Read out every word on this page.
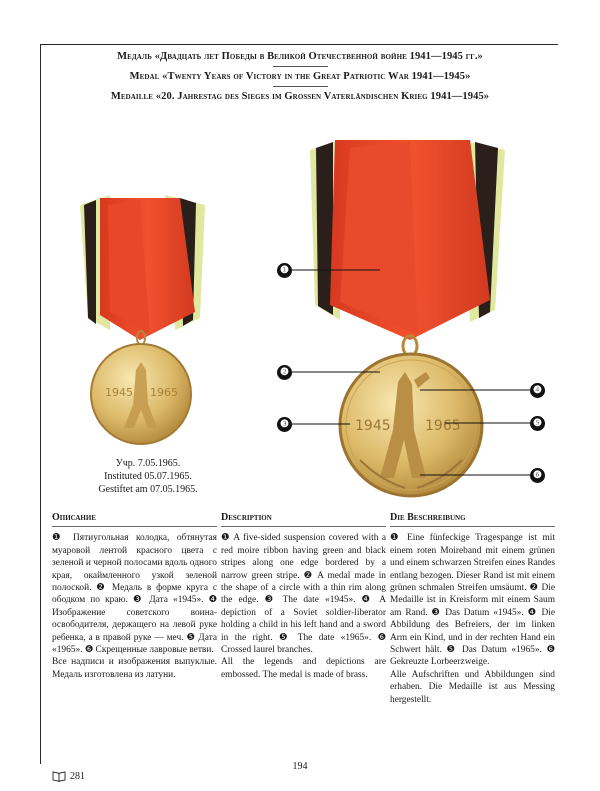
Медаль «Двадцать лет Победы в Великой Отечественной войне 1941—1945 гг.»
Medal «Twenty Years of Victory in the Great Patriotic War 1941—1945»
Medaille «20. Jahrestag des Sieges im Großen Vaterländischen Krieg 1941—1945»
1945 1965
1945 1965
❶
❷
❸
❹
❺
❻
Учр. 7.05.1965.
Instituted 05.07.1965.
Gestiftet am 07.05.1965.
Описание

❶ Пятиугольная колодка, обтянутая муаровой лентой красного цвета с зеленой и черной полосами вдоль одного края, окаймленного узкой зеленой полоской. ❷ Медаль в форме круга с ободком по краю. ❸ Дата «1945». ❹ Изображение советского воина-освободителя, держащего на левой руке ребенка, а в правой руке — меч. ❺ Дата «1965». ❻ Скрещенные лавровые ветви.

Все надписи и изображения выпуклые. Медаль изготовлена из латуни.

Description

❶ A five-sided suspension covered with a red moire ribbon having green and black stripes along one edge bordered by a narrow green stripe. ❷ A medal made in the shape of a circle with a thin rim along the edge. ❸ The date «1945». ❹ A depiction of a Soviet soldier-liberator holding a child in his left hand and a sword in the right. ❺ The date «1965». ❻ Crossed laurel branches.

All the legends and depictions are embossed. The medal is made of brass.

Die Beschreibung

❶ Eine fünfeckige Tragespange ist mit einem roten Moireband mit einem grünen und einem schwarzen Streifen eines Randes entlang bezogen. Dieser Rand ist mit einem grünen schmalen Streifen umsäumt. ❷ Die Medaille ist in Kreisform mit einem Saum am Rand. ❸ Das Datum «1945». ❹ Die Abbildung des Befreiers, der im linken Arm ein Kind, und in der rechten Hand ein Schwert hält. ❺ Das Datum «1965». ❻ Gekreuzte Lorbeerzweige.

Alle Aufschriften und Abbildungen sind erhaben. Die Medaille ist aus Messing hergestellt.

194
281
